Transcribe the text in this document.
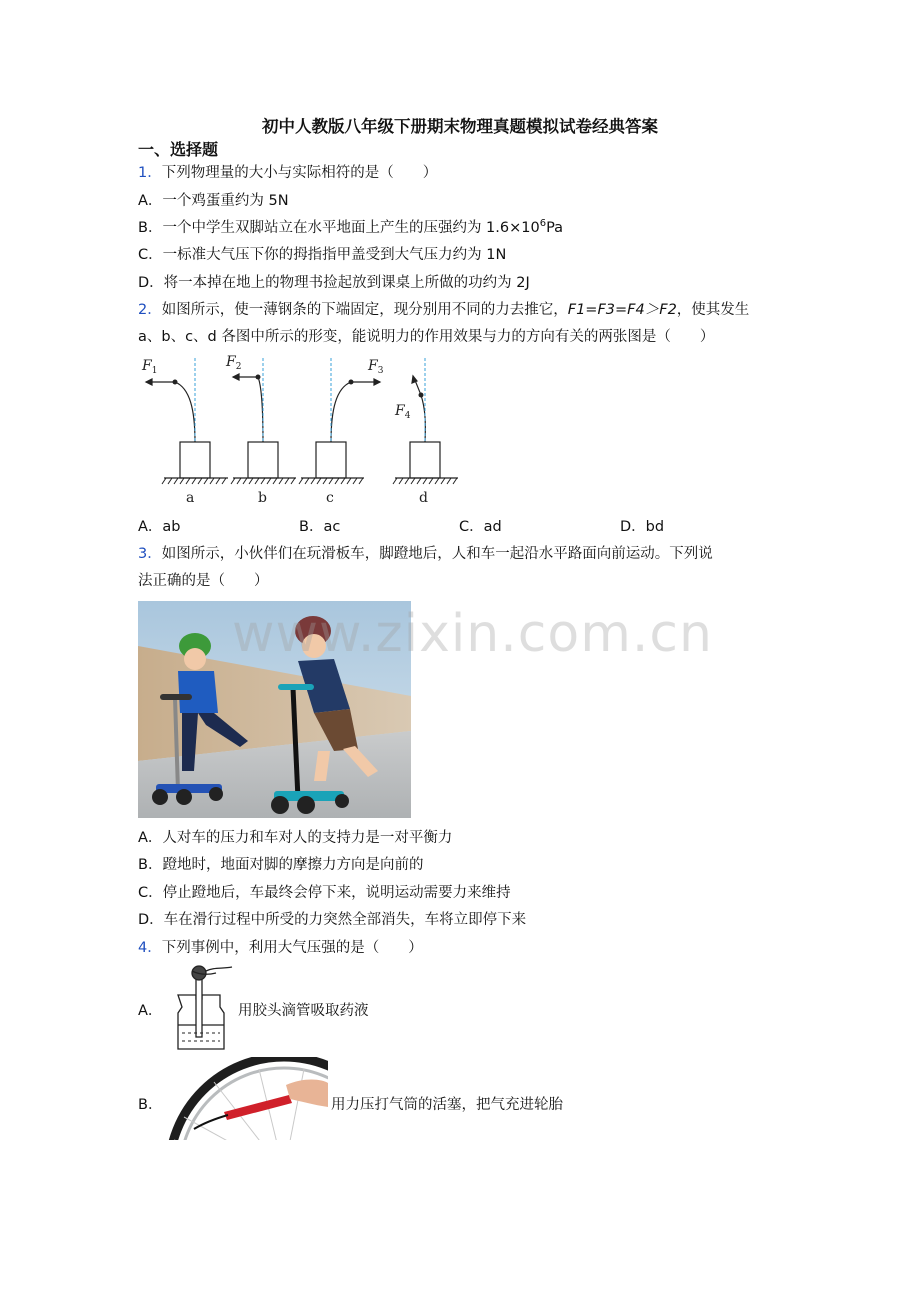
初中人教版八年级下册期末物理真题模拟试卷经典答案
一、选择题
1．下列物理量的大小与实际相符的是（　　）
A．一个鸡蛋重约为 5N
B．一个中学生双脚站立在水平地面上产生的压强约为 $1.6\times 10^6Pa$
C．一标准大气压下你的拇指指甲盖受到大气压力约为 1N
D．将一本掉在地上的物理书捡起放到课桌上所做的功约为 2J
2．如图所示，使一薄钢条的下端固定，现分别用不同的力去推它，F1=F3=F4＞F2，使其发生
a、b、c、d 各图中所示的形变，能说明力的作用效果与力的方向有关的两张图是（　　）
$F_1$
$F_2$	$F_3$
$F_4$
a	b	c	d
A．ab	B．ac	C．ad	D．bd
3．如图所示，小伙伴们在玩滑板车，脚蹬地后，人和车一起沿水平路面向前运动。下列说
法正确的是（　　）
www.zixin.com.cn
A．人对车的压力和车对人的支持力是一对平衡力
B．蹬地时，地面对脚的摩擦力方向是向前的
C．停止蹬地后，车最终会停下来，说明运动需要力来维持
D．车在滑行过程中所受的力突然全部消失，车将立即停下来
4．下列事例中，利用大气压强的是（　　）
A．	用胶头滴管吸取药液
B．	用力压打气筒的活塞，把气充进轮胎
